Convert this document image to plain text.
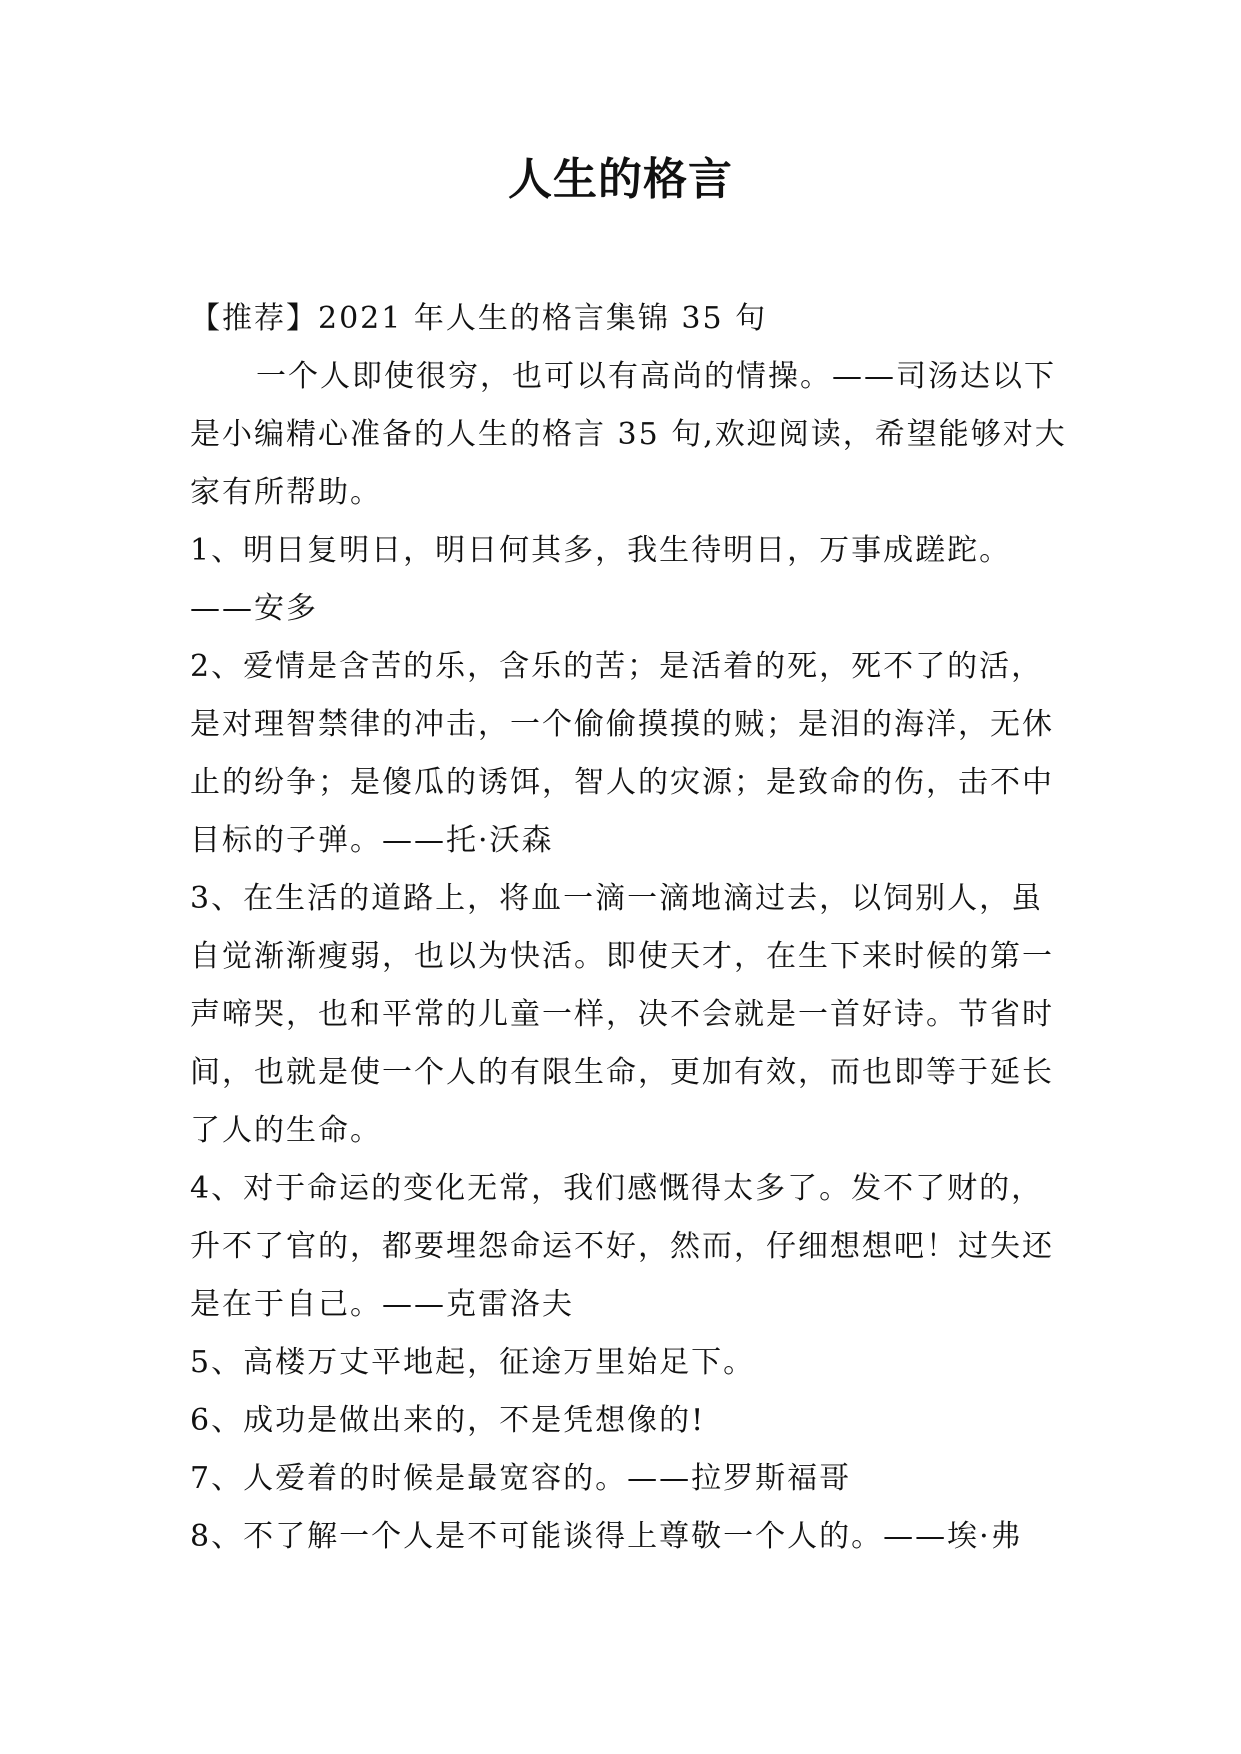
人生的格言

【推荐】2021 年人生的格言集锦 35 句

一个人即使很穷，也可以有高尚的情操。——司汤达以下是小编精心准备的人生的格言 35 句,欢迎阅读，希望能够对大家有所帮助。

1、明日复明日，明日何其多，我生待明日，万事成蹉跎。——安多

2、爱情是含苦的乐，含乐的苦；是活着的死，死不了的活，是对理智禁律的冲击，一个偷偷摸摸的贼；是泪的海洋，无休止的纷争；是傻瓜的诱饵，智人的灾源；是致命的伤，击不中目标的子弹。——托·沃森

3、在生活的道路上，将血一滴一滴地滴过去，以饲别人，虽自觉渐渐瘦弱，也以为快活。即使天才，在生下来时候的第一声啼哭，也和平常的儿童一样，决不会就是一首好诗。节省时间，也就是使一个人的有限生命，更加有效，而也即等于延长了人的生命。

4、对于命运的变化无常，我们感慨得太多了。发不了财的，升不了官的，都要埋怨命运不好，然而，仔细想想吧！过失还是在于自己。——克雷洛夫

5、高楼万丈平地起，征途万里始足下。

6、成功是做出来的，不是凭想像的!

7、人爱着的时候是最宽容的。——拉罗斯福哥

8、不了解一个人是不可能谈得上尊敬一个人的。——埃·弗
